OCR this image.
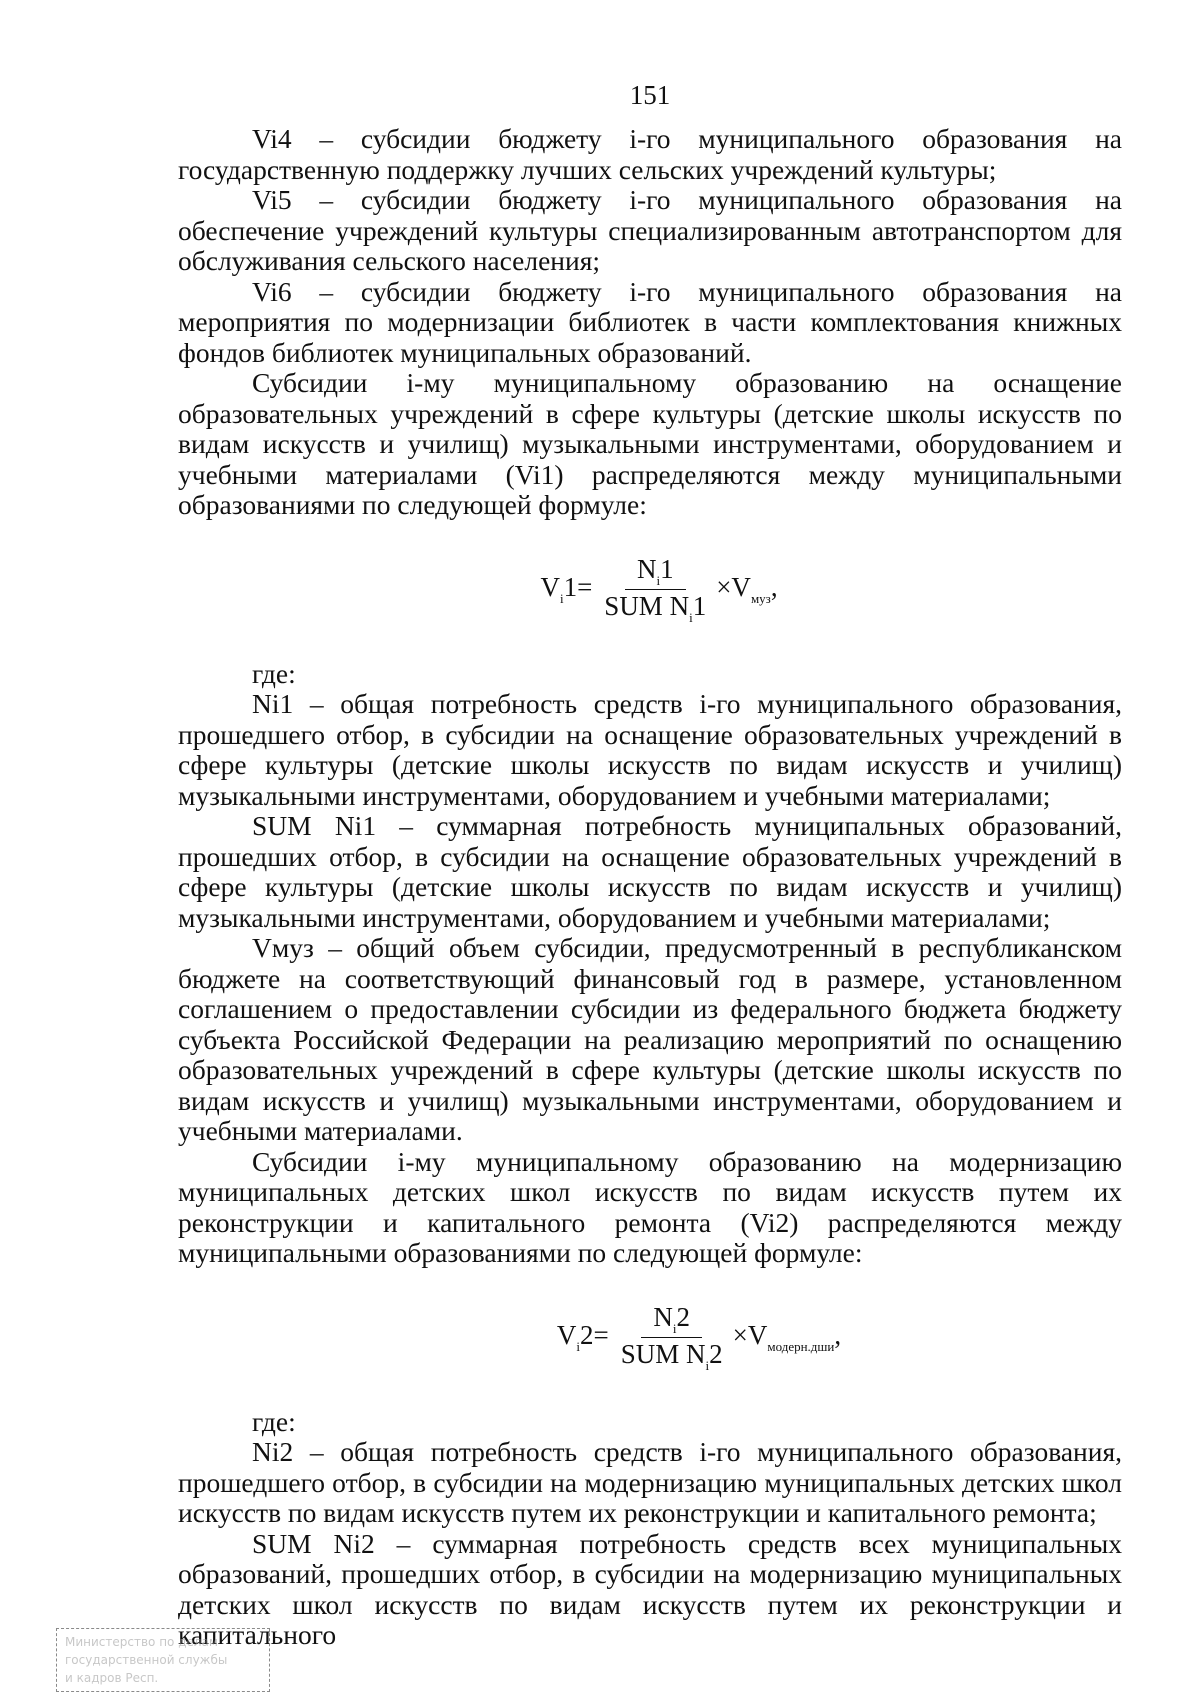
151

Vi4 – субсидии бюджету i-го муниципального образования на государственную поддержку лучших сельских учреждений культуры;

Vi5 – субсидии бюджету i-го муниципального образования на обеспечение учреждений культуры специализированным автотранспортом для обслуживания сельского населения;

Vi6 – субсидии бюджету i-го муниципального образования на мероприятия по модернизации библиотек в части комплектования книжных фондов библиотек муниципальных образований.

Субсидии i-му муниципальному образованию на оснащение образовательных учреждений в сфере культуры (детские школы искусств по видам искусств и училищ) музыкальными инструментами, оборудованием и учебными материалами (Vi1) распределяются между муниципальными образованиями по следующей формуле:

$V_i1= \frac{N_i1}{SUM N_i1} \times V_{муз}$,

где:

Ni1 – общая потребность средств i-го муниципального образования, прошедшего отбор, в субсидии на оснащение образовательных учреждений в сфере культуры (детские школы искусств по видам искусств и училищ) музыкальными инструментами, оборудованием и учебными материалами;

SUM Ni1 – суммарная потребность муниципальных образований, прошедших отбор, в субсидии на оснащение образовательных учреждений в сфере культуры (детские школы искусств по видам искусств и училищ) музыкальными инструментами, оборудованием и учебными материалами;

Vмуз – общий объем субсидии, предусмотренный в республиканском бюджете на соответствующий финансовый год в размере, установленном соглашением о предоставлении субсидии из федерального бюджета бюджету субъекта Российской Федерации на реализацию мероприятий по оснащению образовательных учреждений в сфере культуры (детские школы искусств по видам искусств и училищ) музыкальными инструментами, оборудованием и учебными материалами.

Субсидии i-му муниципальному образованию на модернизацию муниципальных детских школ искусств по видам искусств путем их реконструкции и капитального ремонта (Vi2) распределяются между муниципальными образованиями по следующей формуле:

$V_i2= \frac{N_i2}{SUM N_i2} \times V_{модерн.дши}$,

где:

Ni2 – общая потребность средств i-го муниципального образования, прошедшего отбор, в субсидии на модернизацию муниципальных детских школ искусств по видам искусств путем их реконструкции и капитального ремонта;

SUM Ni2 – суммарная потребность средств всех муниципальных образований, прошедших отбор, в субсидии на модернизацию муниципальных детских школ искусств по видам искусств путем их реконструкции и капитального

Министерство по делам
государственной службы
и кадров Респ.
